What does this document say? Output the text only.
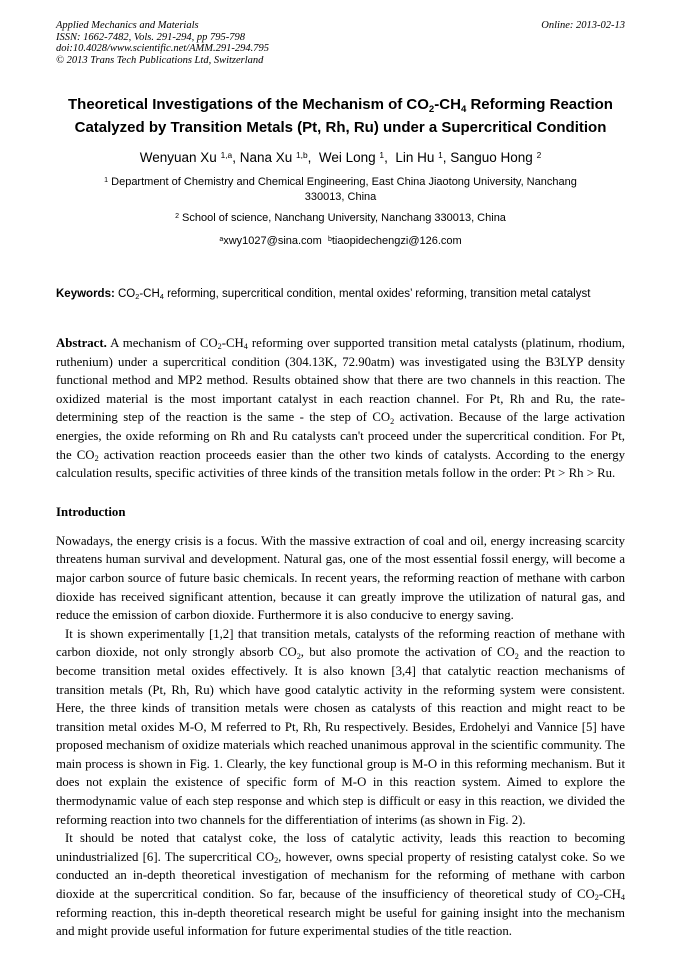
Applied Mechanics and Materials
ISSN: 1662-7482, Vols. 291-294, pp 795-798
doi:10.4028/www.scientific.net/AMM.291-294.795
© 2013 Trans Tech Publications Ltd, Switzerland
Online: 2013-02-13
Theoretical Investigations of the Mechanism of $CO_2-CH_4$ Reforming Reaction Catalyzed by Transition Metals (Pt, Rh, Ru) under a Supercritical Condition
Wenyuan Xu $^{1,a}$, Nana Xu $^{1,b}$,  Wei Long $^1$,  Lin Hu $^1$, Sanguo Hong $^2$
$^1$ Department of Chemistry and Chemical Engineering, East China Jiaotong University, Nanchang 330013, China
$^2$ School of science, Nanchang University, Nanchang 330013, China
$^a$xwy1027@sina.com  $^b$tiaopidechengzi@126.com

Keywords: $CO_2-CH_4$ reforming, supercritical condition, mental oxides’ reforming, transition metal catalyst

Abstract. A mechanism of $CO_2-CH_4$ reforming over supported transition metal catalysts (platinum, rhodium, ruthenium) under a supercritical condition (304.13K, 72.90atm) was investigated using the B3LYP density functional method and MP2 method. Results obtained show that there are two channels in this reaction. The oxidized material is the most important catalyst in each reaction channel. For Pt, Rh and Ru, the rate-determining step of the reaction is the same - the step of $CO_2$ activation. Because of the large activation energies, the oxide reforming on Rh and Ru catalysts can't proceed under the supercritical condition. For Pt, the $CO_2$ activation reaction proceeds easier than the other two kinds of catalysts. According to the energy calculation results, specific activities of three kinds of the transition metals follow in the order: Pt > Rh > Ru.

Introduction

Nowadays, the energy crisis is a focus. With the massive extraction of coal and oil, energy increasing scarcity threatens human survival and development. Natural gas, one of the most essential fossil energy, will become a major carbon source of future basic chemicals. In recent years, the reforming reaction of methane with carbon dioxide has received significant attention, because it can greatly improve the utilization of natural gas, and reduce the emission of carbon dioxide. Furthermore it is also conducive to energy saving.

It is shown experimentally [1,2] that transition metals, catalysts of the reforming reaction of methane with carbon dioxide, not only strongly absorb $CO_2$, but also promote the activation of $CO_2$ and the reaction to become transition metal oxides effectively. It is also known [3,4] that catalytic reaction mechanisms of transition metals (Pt, Rh, Ru) which have good catalytic activity in the reforming system were consistent. Here, the three kinds of transition metals were chosen as catalysts of this reaction and might react to be transition metal oxides M-O, M referred to Pt, Rh, Ru respectively. Besides, Erdohelyi and Vannice [5] have proposed mechanism of oxidize materials which reached unanimous approval in the scientific community. The main process is shown in Fig. 1. Clearly, the key functional group is M-O in this reforming mechanism. But it does not explain the existence of specific form of M-O in this reaction system. Aimed to explore the thermodynamic value of each step response and which step is difficult or easy in this reaction, we divided the reforming reaction into two channels for the differentiation of interims (as shown in Fig. 2).

It should be noted that catalyst coke, the loss of catalytic activity, leads this reaction to becoming unindustrialized [6]. The supercritical $CO_2$, however, owns special property of resisting catalyst coke. So we conducted an in-depth theoretical investigation of mechanism for the reforming of methane with carbon dioxide at the supercritical condition. So far, because of the insufficiency of theoretical study of $CO_2-CH_4$ reforming reaction, this in-depth theoretical research might be useful for gaining insight into the mechanism and might provide useful information for future experimental studies of the title reaction.
